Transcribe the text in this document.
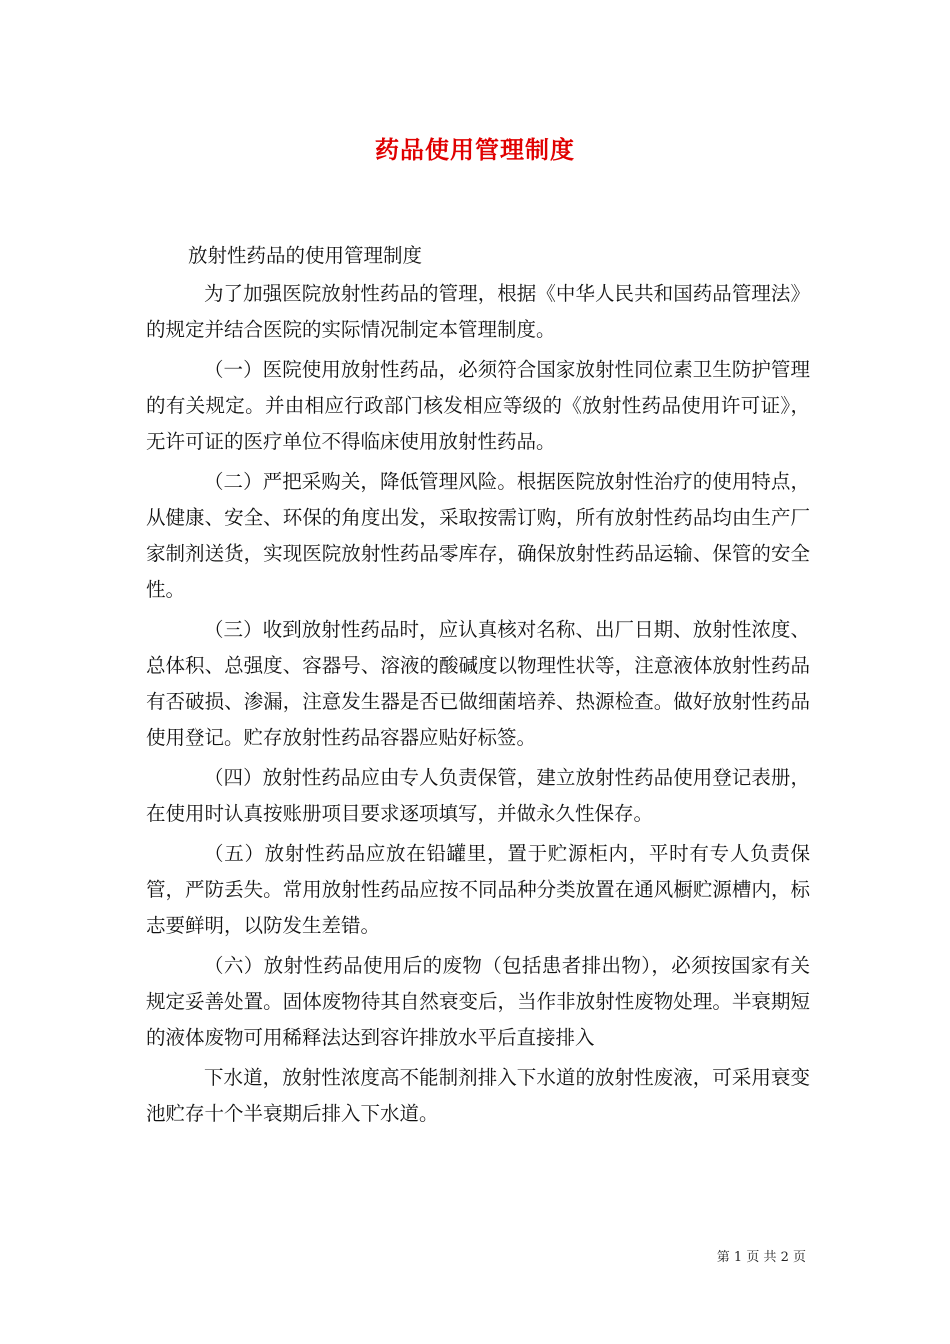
药品使用管理制度

放射性药品的使用管理制度

为了加强医院放射性药品的管理，根据《中华人民共和国药品管理法》的规定并结合医院的实际情况制定本管理制度。

（一）医院使用放射性药品，必须符合国家放射性同位素卫生防护管理的有关规定。并由相应行政部门核发相应等级的《放射性药品使用许可证》，无许可证的医疗单位不得临床使用放射性药品。

（二）严把采购关，降低管理风险。根据医院放射性治疗的使用特点，从健康、安全、环保的角度出发，采取按需订购，所有放射性药品均由生产厂家制剂送货，实现医院放射性药品零库存，确保放射性药品运输、保管的安全性。

（三）收到放射性药品时，应认真核对名称、出厂日期、放射性浓度、总体积、总强度、容器号、溶液的酸碱度以物理性状等，注意液体放射性药品有否破损、渗漏，注意发生器是否已做细菌培养、热源检查。做好放射性药品使用登记。贮存放射性药品容器应贴好标签。

（四）放射性药品应由专人负责保管，建立放射性药品使用登记表册，在使用时认真按账册项目要求逐项填写，并做永久性保存。

（五）放射性药品应放在铅罐里，置于贮源柜内，平时有专人负责保管，严防丢失。常用放射性药品应按不同品种分类放置在通风橱贮源槽内，标志要鲜明，以防发生差错。

（六）放射性药品使用后的废物（包括患者排出物），必须按国家有关规定妥善处置。固体废物待其自然衰变后，当作非放射性废物处理。半衰期短的液体废物可用稀释法达到容许排放水平后直接排入

下水道，放射性浓度高不能制剂排入下水道的放射性废液，可采用衰变池贮存十个半衰期后排入下水道。

第 1 页 共 2 页
